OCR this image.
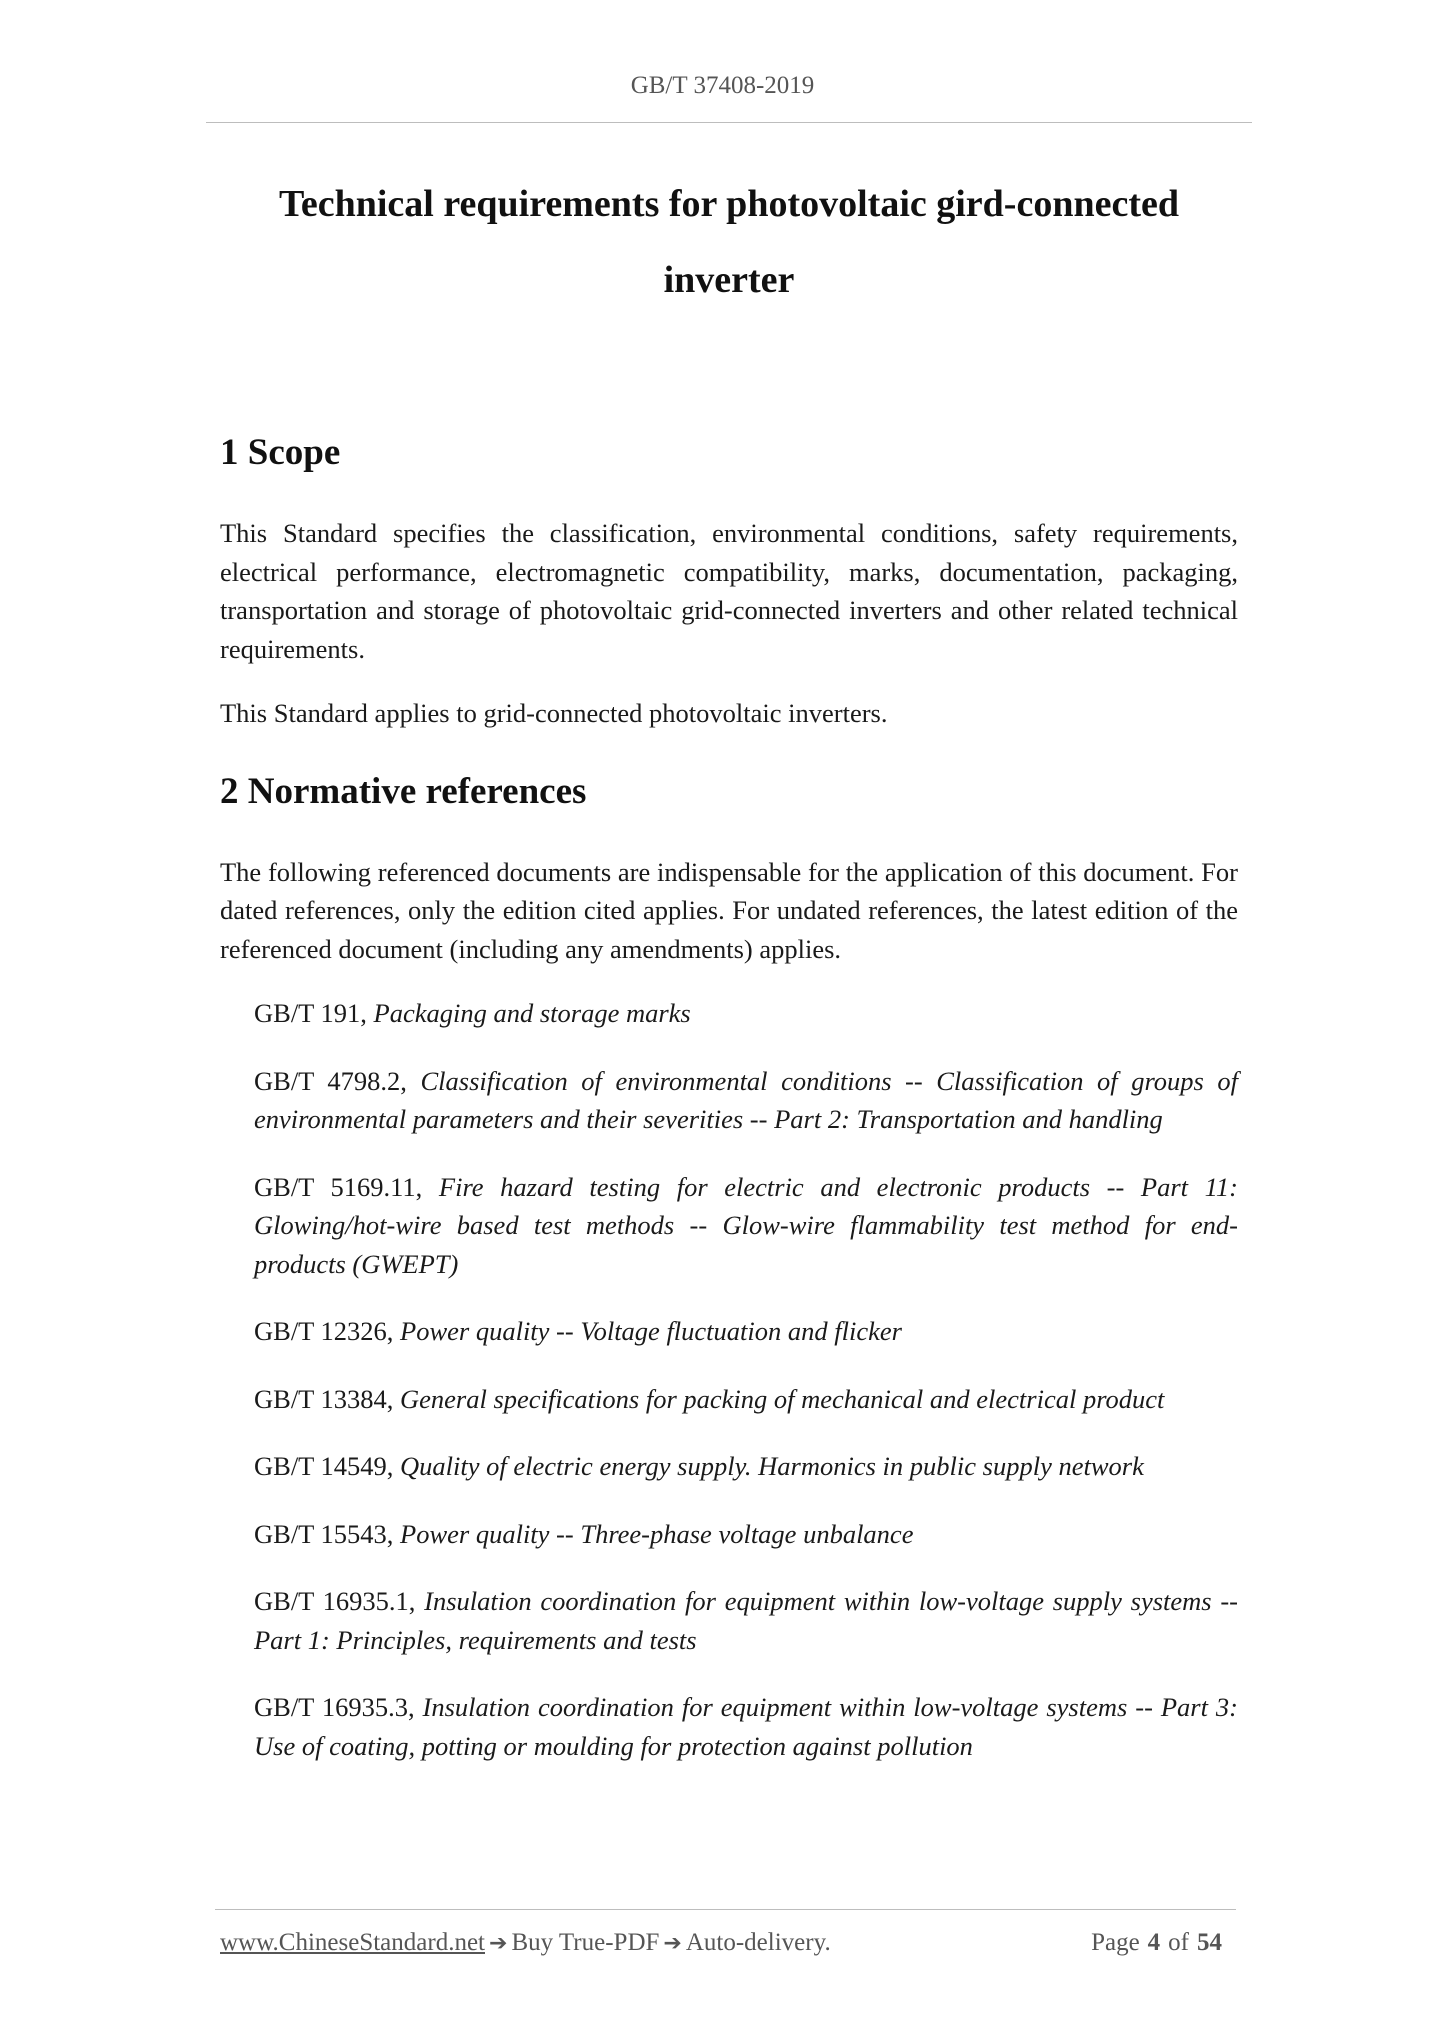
GB/T 37408-2019
Technical requirements for photovoltaic gird-connected
inverter
1 Scope

This Standard specifies the classification, environmental conditions, safety requirements, electrical performance, electromagnetic compatibility, marks, documentation, packaging, transportation and storage of photovoltaic grid-connected inverters and other related technical requirements.

This Standard applies to grid-connected photovoltaic inverters.

2 Normative references

The following referenced documents are indispensable for the application of this document. For dated references, only the edition cited applies. For undated references, the latest edition of the referenced document (including any amendments) applies.

GB/T 191, Packaging and storage marks
GB/T 4798.2, Classification of environmental conditions -- Classification of groups of environmental parameters and their severities -- Part 2: Transportation and handling
GB/T 5169.11, Fire hazard testing for electric and electronic products -- Part 11: Glowing/hot-wire based test methods -- Glow-wire flammability test method for end-products (GWEPT)
GB/T 12326, Power quality -- Voltage fluctuation and flicker
GB/T 13384, General specifications for packing of mechanical and electrical product
GB/T 14549, Quality of electric energy supply. Harmonics in public supply network
GB/T 15543, Power quality -- Three-phase voltage unbalance
GB/T 16935.1, Insulation coordination for equipment within low-voltage supply systems -- Part 1: Principles, requirements and tests
GB/T 16935.3, Insulation coordination for equipment within low-voltage systems -- Part 3: Use of coating, potting or moulding for protection against pollution
www.ChineseStandard.net ➔ Buy True-PDF ➔ Auto-delivery.	Page 4 of 54
